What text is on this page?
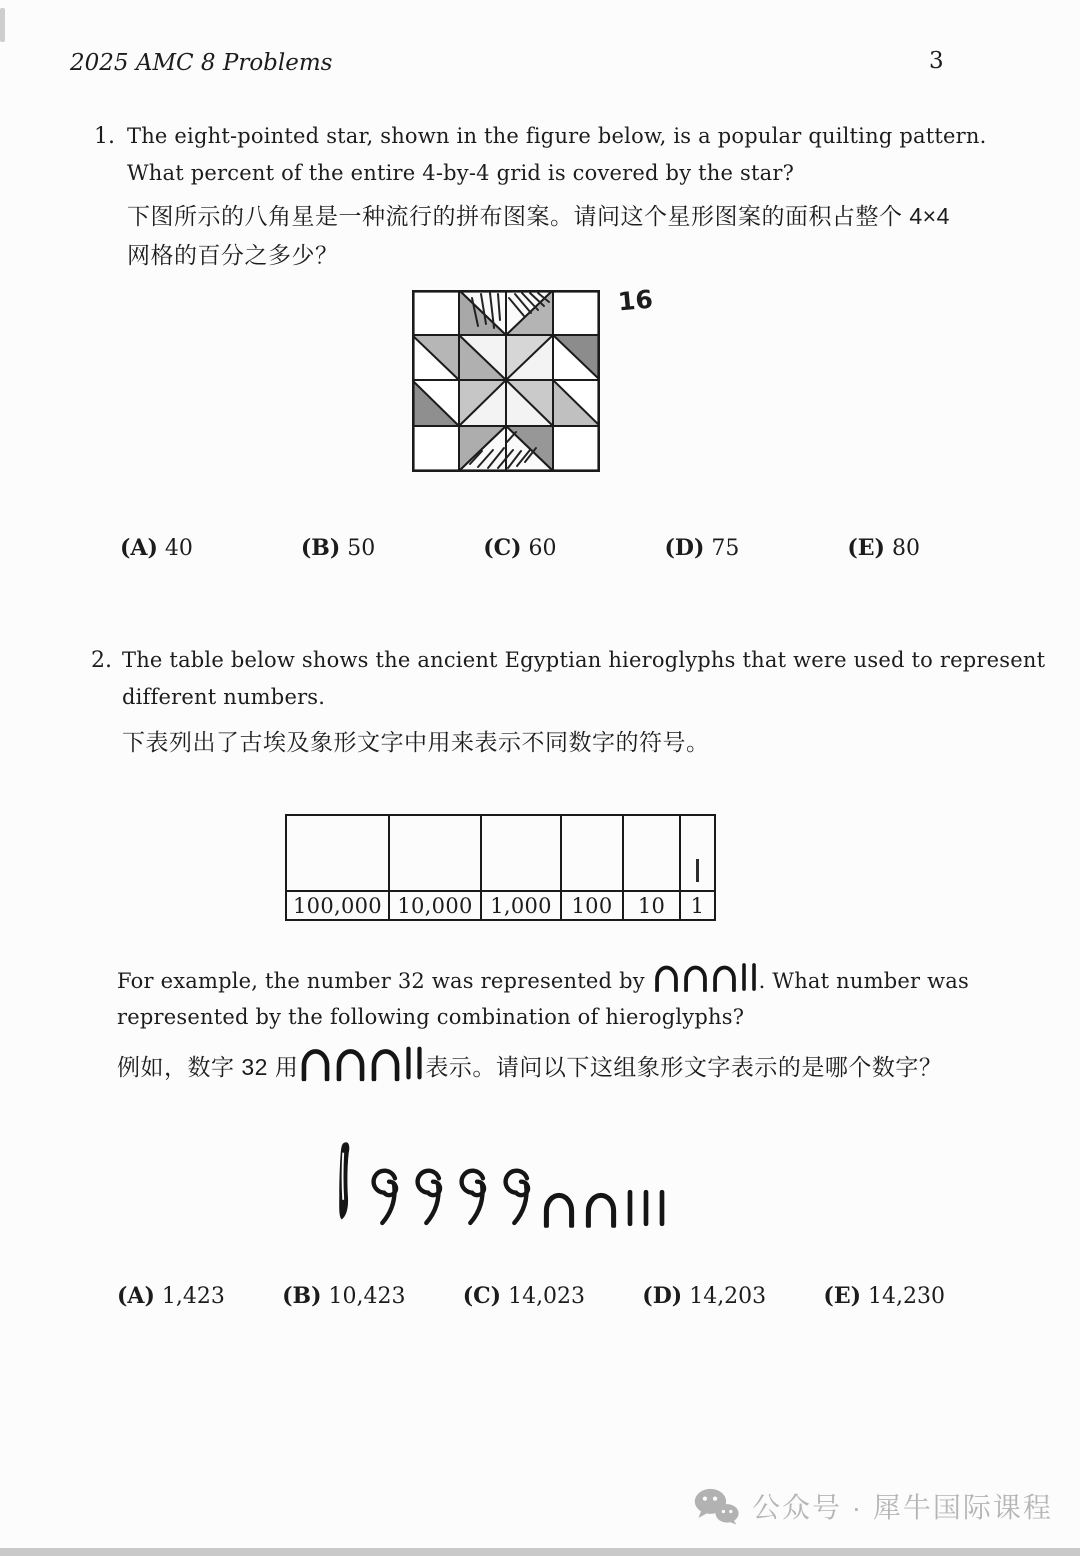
2025 AMC 8 Problems	3
1. The eight-pointed star, shown in the figure below, is a popular quilting pattern.
What percent of the entire 4-by-4 grid is covered by the star?
下图所示的八角星是一种流行的拼布图案。请问这个星形图案的面积占整个 4×4
网格的百分之多少？
16
(A) 40	(B) 50	(C) 60	(D) 75	(E) 80
2. The table below shows the ancient Egyptian hieroglyphs that were used to represent
different numbers.
下表列出了古埃及象形文字中用来表示不同数字的符号。
100,000 10,000 1,000 100	10	1
For example, the number 32 was represented by	. What number was
represented by the following combination of hieroglyphs?
例如，数字 32 用	表示。请问以下这组象形文字表示的是哪个数字？
(A) 1,423	(B) 10,423	(C) 14,023	(D) 14,203	(E) 14,230
公众号 · 犀牛国际课程
